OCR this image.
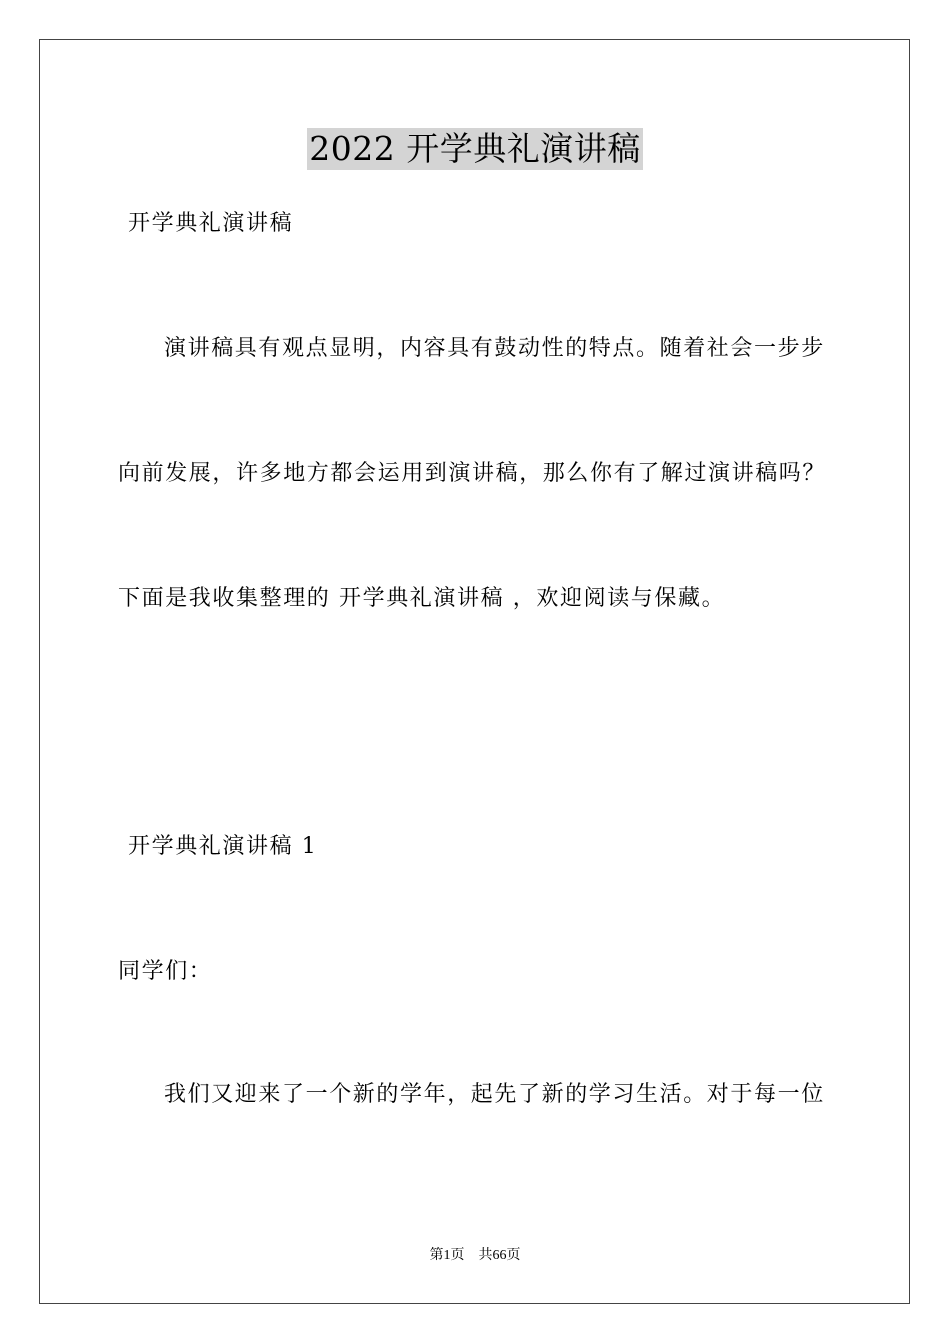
2022 开学典礼演讲稿
开学典礼演讲稿
演讲稿具有观点显明，内容具有鼓动性的特点。随着社会一步步
向前发展，许多地方都会运用到演讲稿，那么你有了解过演讲稿吗？
下面是我收集整理的 开学典礼演讲稿 ，欢迎阅读与保藏。
开学典礼演讲稿 1
同学们：
我们又迎来了一个新的学年，起先了新的学习生活。对于每一位
第1页 共66页
